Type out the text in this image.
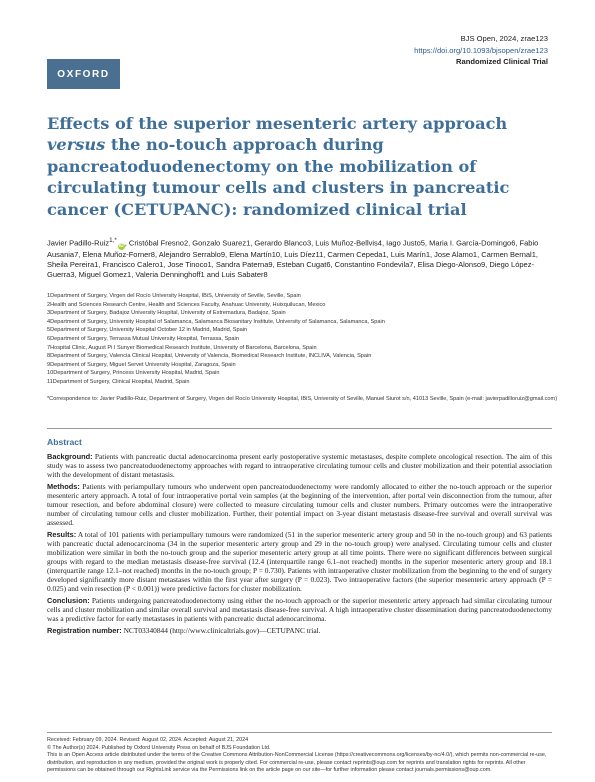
OXFORD
BJS Open, 2024, zrae123
https://doi.org/10.1093/bjsopen/zrae123
Randomized Clinical Trial
Effects of the superior mesenteric artery approach versus the no-touch approach during pancreatoduodenectomy on the mobilization of circulating tumour cells and clusters in pancreatic cancer (CETUPANC): randomized clinical trial
Javier Padillo-Ruiz$^{1,*}$iD, Cristóbal Fresno2, Gonzalo Suarez1, Gerardo Blanco3, Luis Muñoz-Bellvis4, Iago Justo5, Maria I. García-Domingo6, Fabio Ausania7, Elena Muñoz-Forner8, Alejandro Serrablo9, Elena Martín10, Luis Díez11, Carmen Cepeda1, Luis Marín1, Jose Alamo1, Carmen Bernal1, Sheila Pereira1, Francisco Calero1, Jose Tinoco1, Sandra Paterna9, Esteban Cugat6, Constantino Fondevila7, Elisa Diego-Alonso9, Diego López-Guerra3, Miguel Gomez1, Valeria Denninghoff1 and Luis Sabater8
1Department of Surgery, Virgen del Rocío University Hospital, IBiS, University of Seville, Seville, Spain
2Health and Sciences Research Centre, Health and Sciences Faculty, Anahuac University, Huixquilucan, Mexico
3Department of Surgery, Badajoz University Hospital, University of Extremadura, Badajoz, Spain
4Department of Surgery, University Hospital of Salamanca, Salamanca Biosanitary Institute, University of Salamanca, Salamanca, Spain
5Department of Surgery, University Hospital October 12 in Madrid, Madrid, Spain
6Department of Surgery, Terrassa Mutual University Hospital, Terrassa, Spain
7Hospital Clinic, August Pi I Sunyer Biomedical Research Institute, University of Barcelona, Barcelona, Spain
8Department of Surgery, Valencia Clinical Hospital, University of Valencia, Biomedical Research Institute, INCLIVA, Valencia, Spain
9Department of Surgery, Miguel Servet University Hospital, Zaragoza, Spain
10Department of Surgery, Princess University Hospital, Madrid, Spain
11Department of Surgery, Clinical Hospital, Madrid, Spain
*Correspondence to: Javier Padillo-Ruiz, Department of Surgery, Virgen del Rocío University Hospital, IBiS, University of Seville, Manuel Siurot s/n, 41013 Seville, Spain (e-mail: javierpadilloruiz@gmail.com)
Abstract

Background: Patients with pancreatic ductal adenocarcinoma present early postoperative systemic metastases, despite complete oncological resection. The aim of this study was to assess two pancreatoduodenectomy approaches with regard to intraoperative circulating tumour cells and cluster mobilization and their potential association with the development of distant metastasis.

Methods: Patients with periampullary tumours who underwent open pancreatoduodenectomy were randomly allocated to either the no-touch approach or the superior mesenteric artery approach. A total of four intraoperative portal vein samples (at the beginning of the intervention, after portal vein disconnection from the tumour, after tumour resection, and before abdominal closure) were collected to measure circulating tumour cells and cluster numbers. Primary outcomes were the intraoperative number of circulating tumour cells and cluster mobilization. Further, their potential impact on 3-year distant metastasis disease-free survival and overall survival was assessed.

Results: A total of 101 patients with periampullary tumours were randomized (51 in the superior mesenteric artery group and 50 in the no-touch group) and 63 patients with pancreatic ductal adenocarcinoma (34 in the superior mesenteric artery group and 29 in the no-touch group) were analysed. Circulating tumour cells and cluster mobilization were similar in both the no-touch group and the superior mesenteric artery group at all time points. There were no significant differences between surgical groups with regard to the median metastasis disease-free survival (12.4 (interquartile range 6.1–not reached) months in the superior mesenteric artery group and 18.1 (interquartile range 12.1–not reached) months in the no-touch group; P = 0.730). Patients with intraoperative cluster mobilization from the beginning to the end of surgery developed significantly more distant metastases within the first year after surgery (P = 0.023). Two intraoperative factors (the superior mesenteric artery approach (P = 0.025) and vein resection (P < 0.001)) were predictive factors for cluster mobilization.

Conclusion: Patients undergoing pancreatoduodenectomy using either the no-touch approach or the superior mesenteric artery approach had similar circulating tumour cells and cluster mobilization and similar overall survival and metastasis disease-free survival. A high intraoperative cluster dissemination during pancreatoduodenectomy was a predictive factor for early metastases in patients with pancreatic ductal adenocarcinoma.

Registration number: NCT03340844 (http://www.clinicaltrials.gov)—CETUPANC trial.

Received: February 09, 2024. Revised: August 02, 2024. Accepted: August 21, 2024

© The Author(s) 2024. Published by Oxford University Press on behalf of BJS Foundation Ltd.

This is an Open Access article distributed under the terms of the Creative Commons Attribution-NonCommercial License (https://creativecommons.org/licenses/by-nc/4.0/), which permits non-commercial re-use, distribution, and reproduction in any medium, provided the original work is properly cited. For commercial re-use, please contact reprints@oup.com for reprints and translation rights for reprints. All other permissions can be obtained through our RightsLink service via the Permissions link on the article page on our site—for further information please contact journals.permissions@oup.com.
